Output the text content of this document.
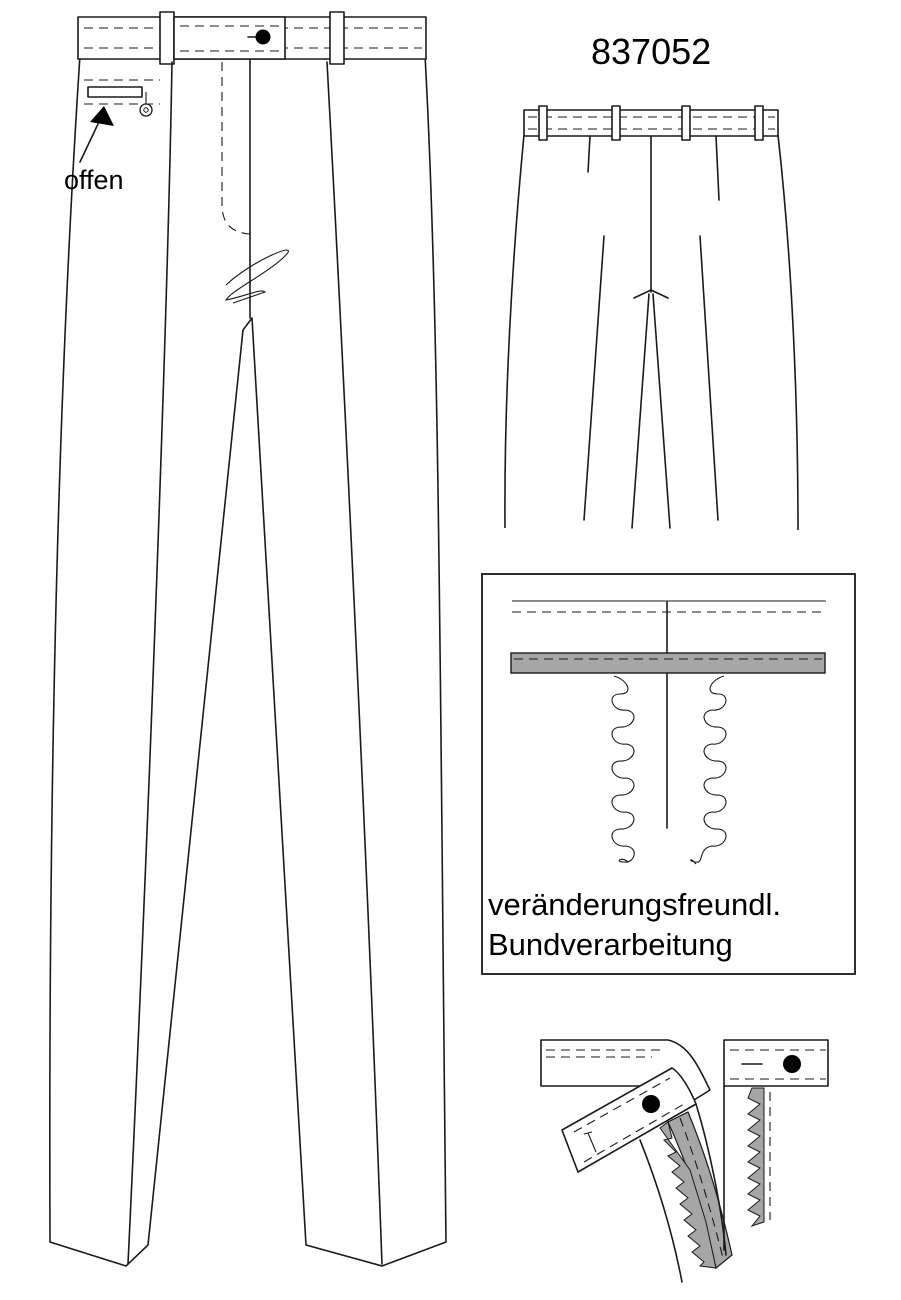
offen
837052
veränderungsfreundl.
Bundverarbeitung
